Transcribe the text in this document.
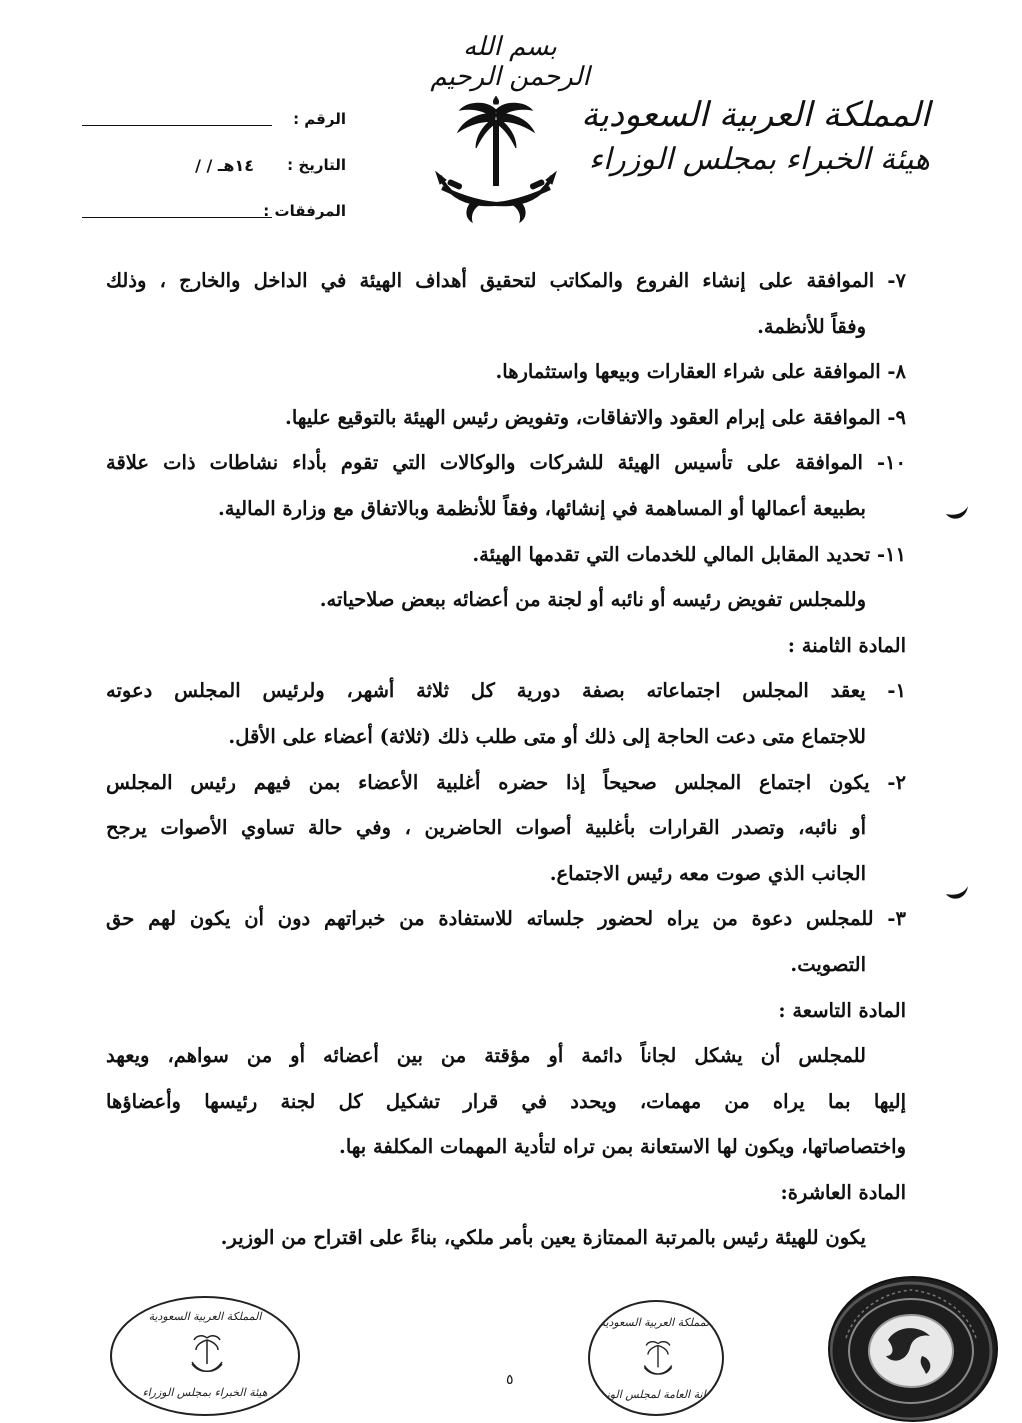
بسم الله الرحمن الرحيم
المملكة العربية السعودية
هيئة الخبراء بمجلس الوزراء
الرقم :
التاريخ :
/ / ١٤هـ
المرفقات :
٧- الموافقة على إنشاء الفروع والمكاتب لتحقيق أهداف الهيئة في الداخل والخارج ، وذلك
وفقاً للأنظمة.
٨- الموافقة على شراء العقارات وبيعها واستثمارها.
٩- الموافقة على إبرام العقود والاتفاقات، وتفويض رئيس الهيئة بالتوقيع عليها.
١٠- الموافقة على تأسيس الهيئة للشركات والوكالات التي تقوم بأداء نشاطات ذات علاقة
بطبيعة أعمالها أو المساهمة في إنشائها، وفقاً للأنظمة وبالاتفاق مع وزارة المالية.
١١- تحديد المقابل المالي للخدمات التي تقدمها الهيئة.
وللمجلس تفويض رئيسه أو نائبه أو لجنة من أعضائه ببعض صلاحياته.
المادة الثامنة :
١- يعقد المجلس اجتماعاته بصفة دورية كل ثلاثة أشهر، ولرئيس المجلس دعوته
للاجتماع متى دعت الحاجة إلى ذلك أو متى طلب ذلك (ثلاثة) أعضاء على الأقل.
٢- يكون اجتماع المجلس صحيحاً إذا حضره أغلبية الأعضاء بمن فيهم رئيس المجلس
أو نائبه، وتصدر القرارات بأغلبية أصوات الحاضرين ، وفي حالة تساوي الأصوات يرجح
الجانب الذي صوت معه رئيس الاجتماع.
٣- للمجلس دعوة من يراه لحضور جلساته للاستفادة من خبراتهم دون أن يكون لهم حق
التصويت.
المادة التاسعة :
للمجلس أن يشكل لجاناً دائمة أو مؤقتة من بين أعضائه أو من سواهم، ويعهد
إليها بما يراه من مهمات، ويحدد في قرار تشكيل كل لجنة رئيسها وأعضاؤها
واختصاصاتها، ويكون لها الاستعانة بمن تراه لتأدية المهمات المكلفة بها.
المادة العاشرة:
يكون للهيئة رئيس بالمرتبة الممتازة يعين بأمر ملكي، بناءً على اقتراح من الوزير.
٥
المملكة العربية السعودية
هيئة الخبراء بمجلس الوزراء
المملكة العربية السعودية
الأمانة العامة لمجلس الوزراء
